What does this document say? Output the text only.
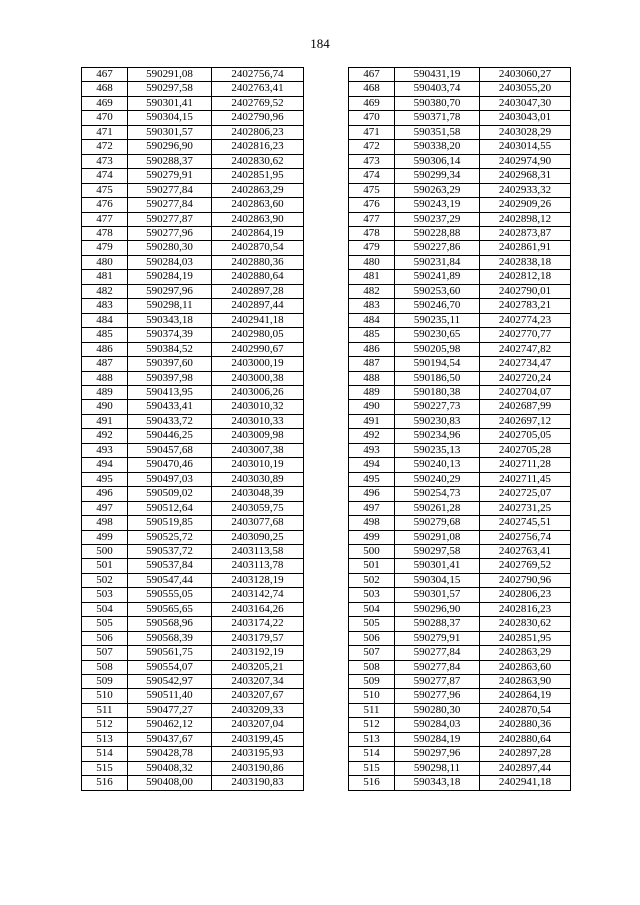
184
467	590291,08	2402756,74		467	590431,19	2403060,27
468	590297,58	2402763,41		468	590403,74	2403055,20
469	590301,41	2402769,52		469	590380,70	2403047,30
470	590304,15	2402790,96		470	590371,78	2403043,01
471	590301,57	2402806,23		471	590351,58	2403028,29
472	590296,90	2402816,23		472	590338,20	2403014,55
473	590288,37	2402830,62		473	590306,14	2402974,90
474	590279,91	2402851,95		474	590299,34	2402968,31
475	590277,84	2402863,29		475	590263,29	2402933,32
476	590277,84	2402863,60		476	590243,19	2402909,26
477	590277,87	2402863,90		477	590237,29	2402898,12
478	590277,96	2402864,19		478	590228,88	2402873,87
479	590280,30	2402870,54		479	590227,86	2402861,91
480	590284,03	2402880,36		480	590231,84	2402838,18
481	590284,19	2402880,64		481	590241,89	2402812,18
482	590297,96	2402897,28		482	590253,60	2402790,01
483	590298,11	2402897,44		483	590246,70	2402783,21
484	590343,18	2402941,18		484	590235,11	2402774,23
485	590374,39	2402980,05		485	590230,65	2402770,77
486	590384,52	2402990,67		486	590205,98	2402747,82
487	590397,60	2403000,19		487	590194,54	2402734,47
488	590397,98	2403000,38		488	590186,50	2402720,24
489	590413,95	2403006,26		489	590180,38	2402704,07
490	590433,41	2403010,32		490	590227,73	2402687,99
491	590433,72	2403010,33		491	590230,83	2402697,12
492	590446,25	2403009,98		492	590234,96	2402705,05
493	590457,68	2403007,38		493	590235,13	2402705,28
494	590470,46	2403010,19		494	590240,13	2402711,28
495	590497,03	2403030,89		495	590240,29	2402711,45
496	590509,02	2403048,39		496	590254,73	2402725,07
497	590512,64	2403059,75		497	590261,28	2402731,25
498	590519,85	2403077,68		498	590279,68	2402745,51
499	590525,72	2403090,25		499	590291,08	2402756,74
500	590537,72	2403113,58		500	590297,58	2402763,41
501	590537,84	2403113,78		501	590301,41	2402769,52
502	590547,44	2403128,19		502	590304,15	2402790,96
503	590555,05	2403142,74		503	590301,57	2402806,23
504	590565,65	2403164,26		504	590296,90	2402816,23
505	590568,96	2403174,22		505	590288,37	2402830,62
506	590568,39	2403179,57		506	590279,91	2402851,95
507	590561,75	2403192,19		507	590277,84	2402863,29
508	590554,07	2403205,21		508	590277,84	2402863,60
509	590542,97	2403207,34		509	590277,87	2402863,90
510	590511,40	2403207,67		510	590277,96	2402864,19
511	590477,27	2403209,33		511	590280,30	2402870,54
512	590462,12	2403207,04		512	590284,03	2402880,36
513	590437,67	2403199,45		513	590284,19	2402880,64
514	590428,78	2403195,93		514	590297,96	2402897,28
515	590408,32	2403190,86		515	590298,11	2402897,44
516	590408,00	2403190,83		516	590343,18	2402941,18
